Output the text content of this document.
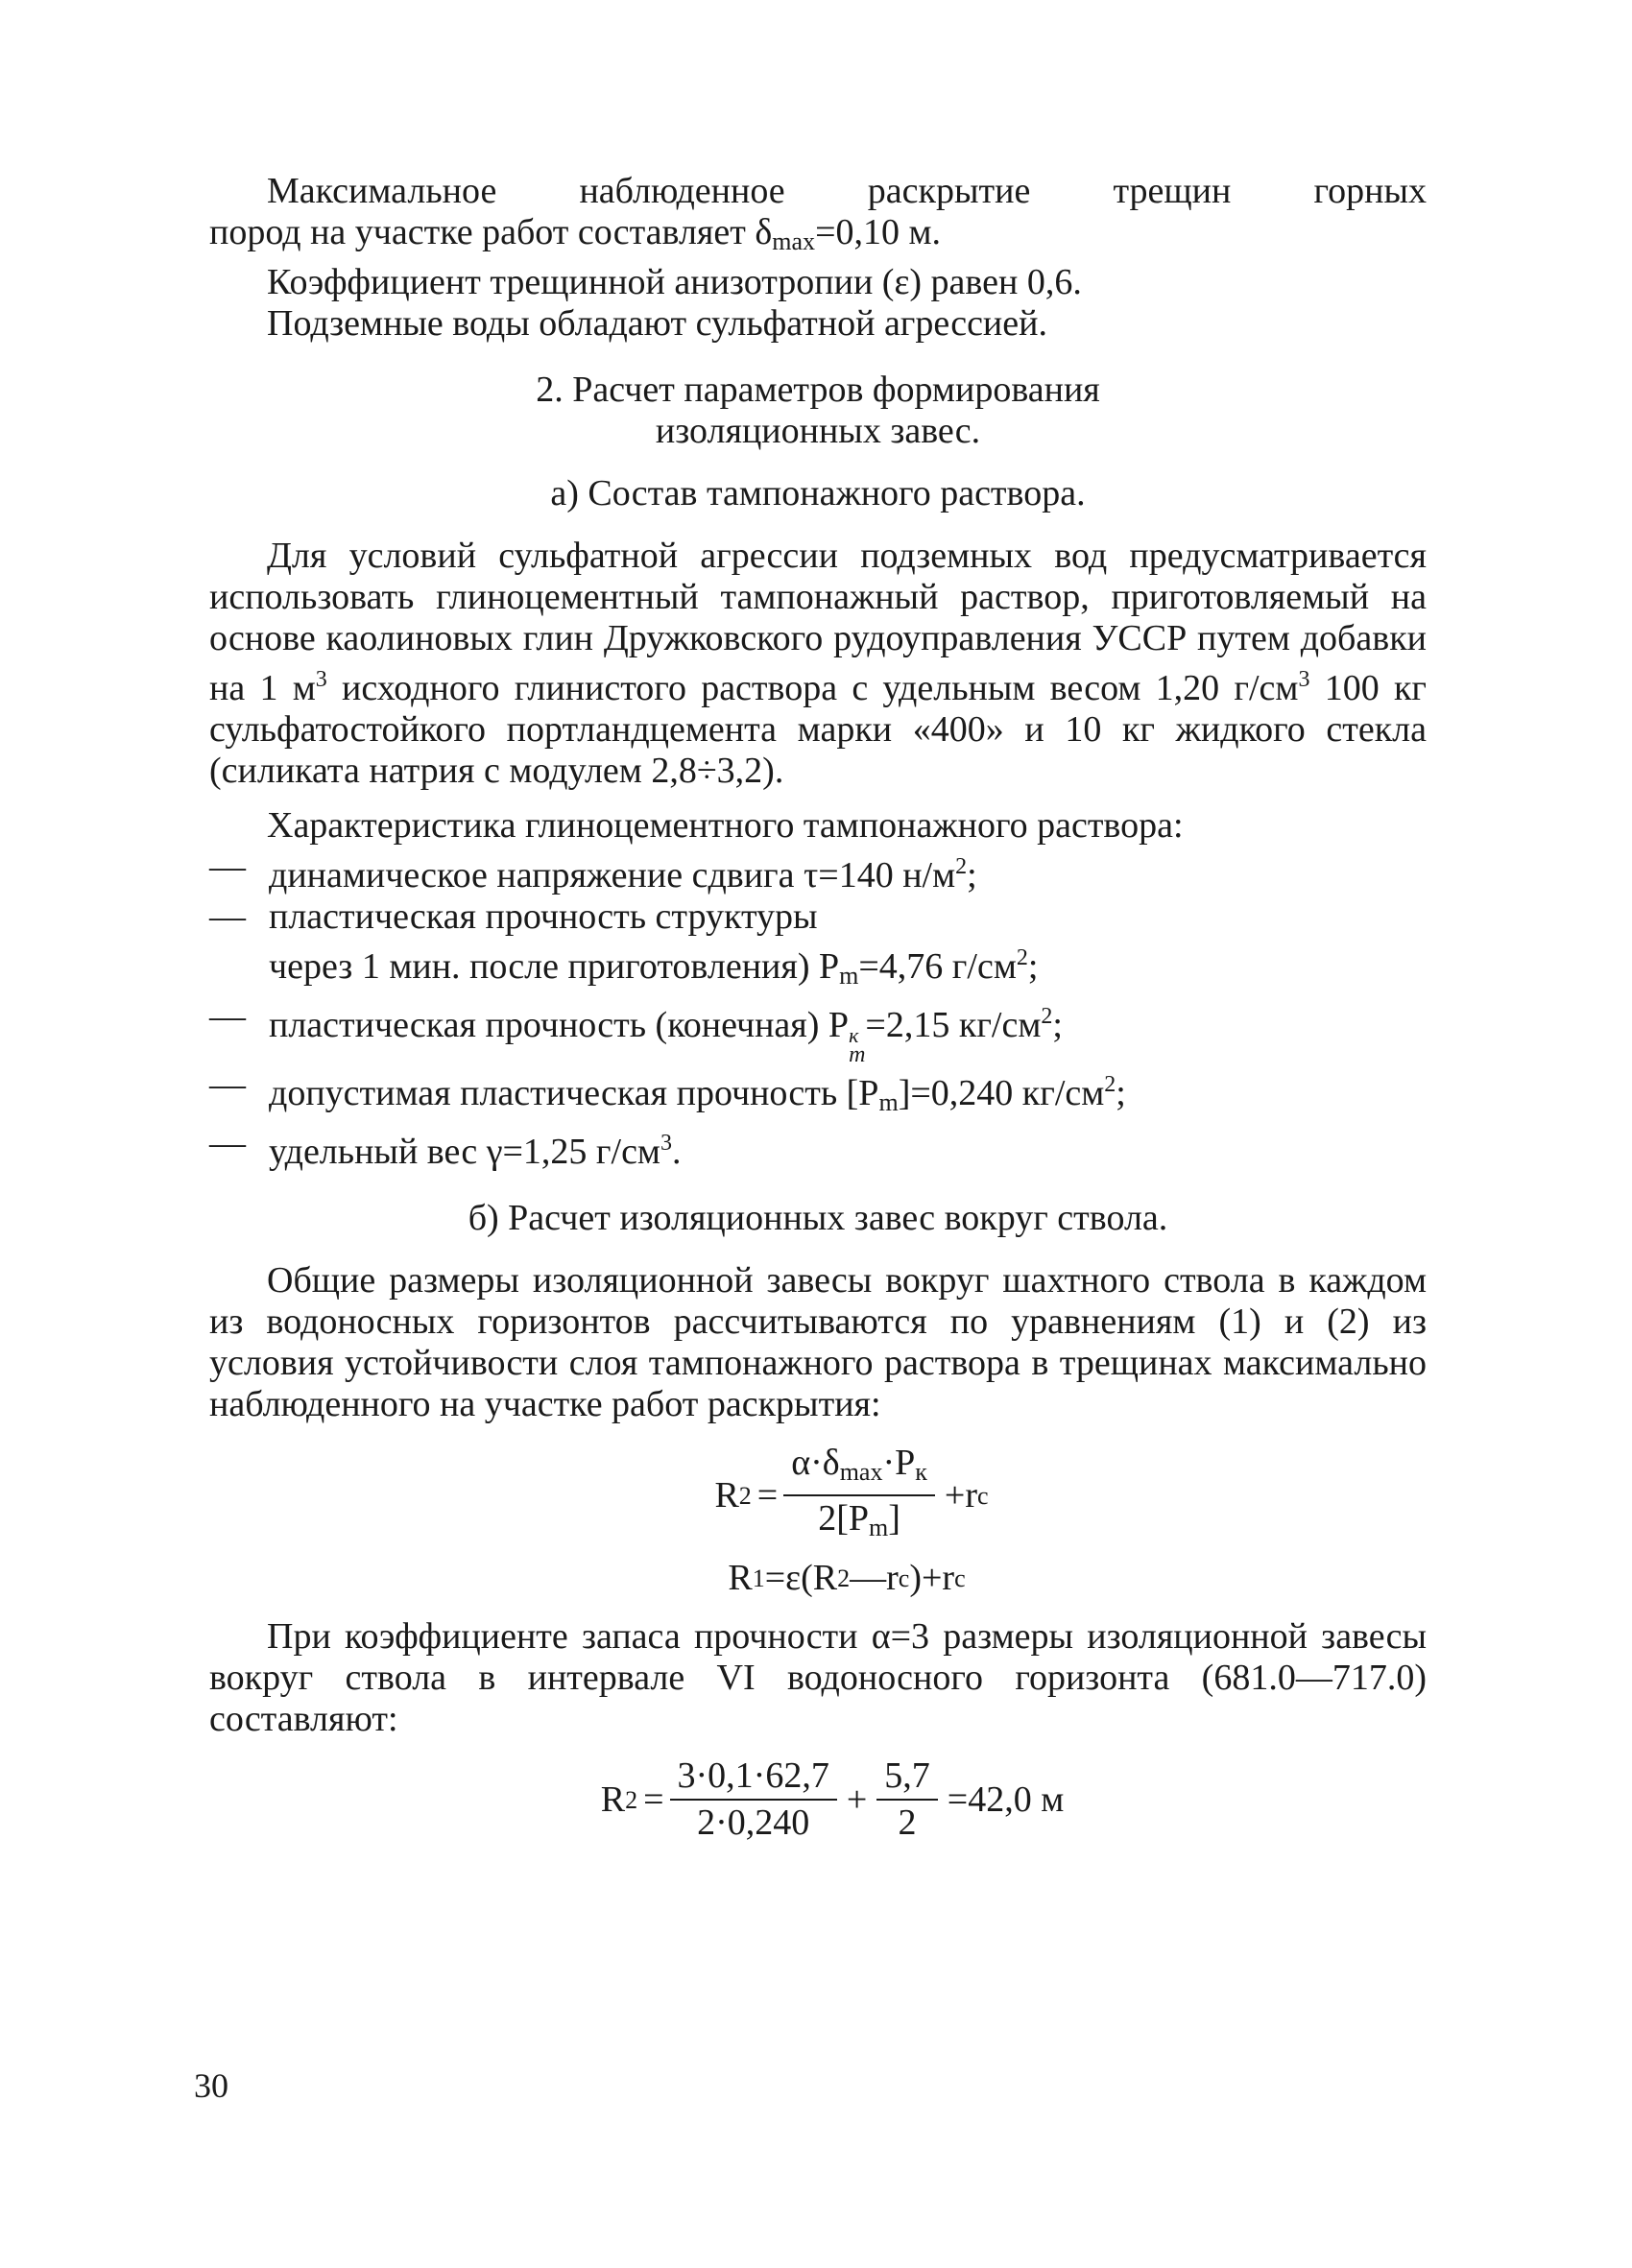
Максимальное наблюденное раскрытие трещин горных

пород на участке работ составляет $\delta_{max}=0,10$ м.

Коэффициент трещинной анизотропии (ε) равен 0,6.

Подземные воды обладают сульфатной агрессией.

2. Расчет параметров формирования
изоляционных завес.

а) Состав тампонажного раствора.

Для условий сульфатной агрессии подземных вод предусматривается использовать глиноцементный тампонажный раствор, приготовляемый на основе каолиновых глин Дружковского рудоуправления УССР путем добавки на 1 $м^3$ исходного глинистого раствора с удельным весом 1,20 $г/см^3$ 100 кг сульфатостойкого портландцемента марки «400» и 10 кг жидкого стекла (силиката натрия с модулем 2,8÷3,2).

Характеристика глиноцементного тампонажного раствора:

— динамическое напряжение сдвига τ=140 $н/м^2$;
— пластическая прочность структуры
через 1 мин. после приготовления) $P_m=4,76$ $г/см^2$;
— пластическая прочность (конечная) P к
m
=2,15 $кг/см^2$;
— допустимая пластическая прочность $[P_m]=0,240$ $кг/см^2$;
— удельный вес γ=1,25 $г/см^3$.

б) Расчет изоляционных завес вокруг ствола.

Общие размеры изоляционной завесы вокруг шахтного ствола в каждом из водоносных горизонтов рассчитываются по уравнениям (1) и (2) из условия устойчивости слоя тампонажного раствора в трещинах максимально наблюденного на участке работ раскрытия:

R $2 = \frac{\alpha\cdot\delta_{max}\cdot P_к}{2[P_m]} +r$ c
R 1 =ε(R 2 —r c )+r c

При коэффициенте запаса прочности α=3 размеры изоляционной завесы вокруг ствола в интервале VI водоносного горизонта (681.0—717.0) составляют:

R $2 = \frac{3\cdot 0,1\cdot 62,7}{2\cdot 0,240} + \frac{5,7}{2} =42,0$ м
30
